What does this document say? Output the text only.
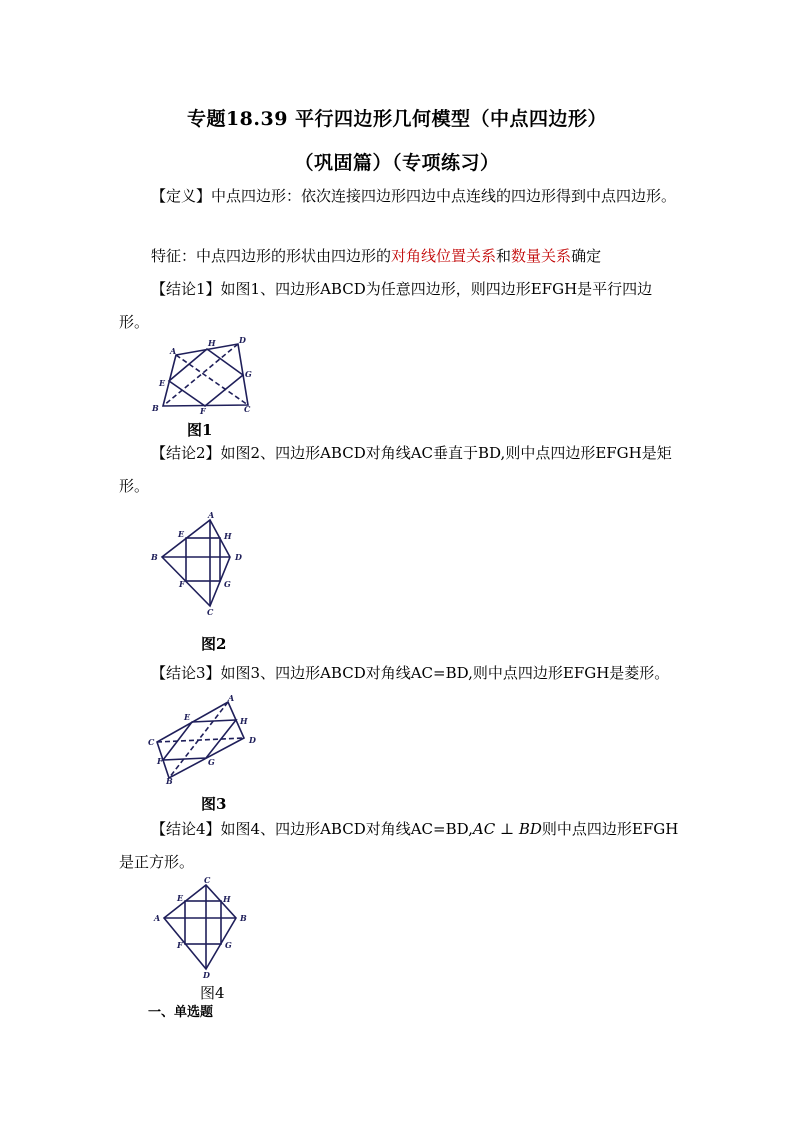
专题18.39 平行四边形几何模型（中点四边形）
（巩固篇）（专项练习）
【定义】中点四边形：依次连接四边形四边中点连线的四边形得到中点四边形。
特征：中点四边形的形状由四边形的对角线位置关系和数量关系确定
【结论1】如图1、四边形ABCD为任意四边形，则四边形EFGH是平行四边形。
A
H	D
E
G
B	F	C
图1
【结论2】如图2、四边形ABCD对角线AC垂直于BD,则中点四边形EFGH是矩形。
A
E	H
B	D
F	G
C
图2
【结论3】如图3、四边形ABCD对角线AC=BD,则中点四边形EFGH是菱形。
A
E	H
C	D
F	G
B
图3
【结论4】如图4、四边形ABCD对角线AC=BD,AC ⊥ BD则中点四边形EFGH是正方形。
C
E	H
A	B
F	G
D
图4
一、单选题
